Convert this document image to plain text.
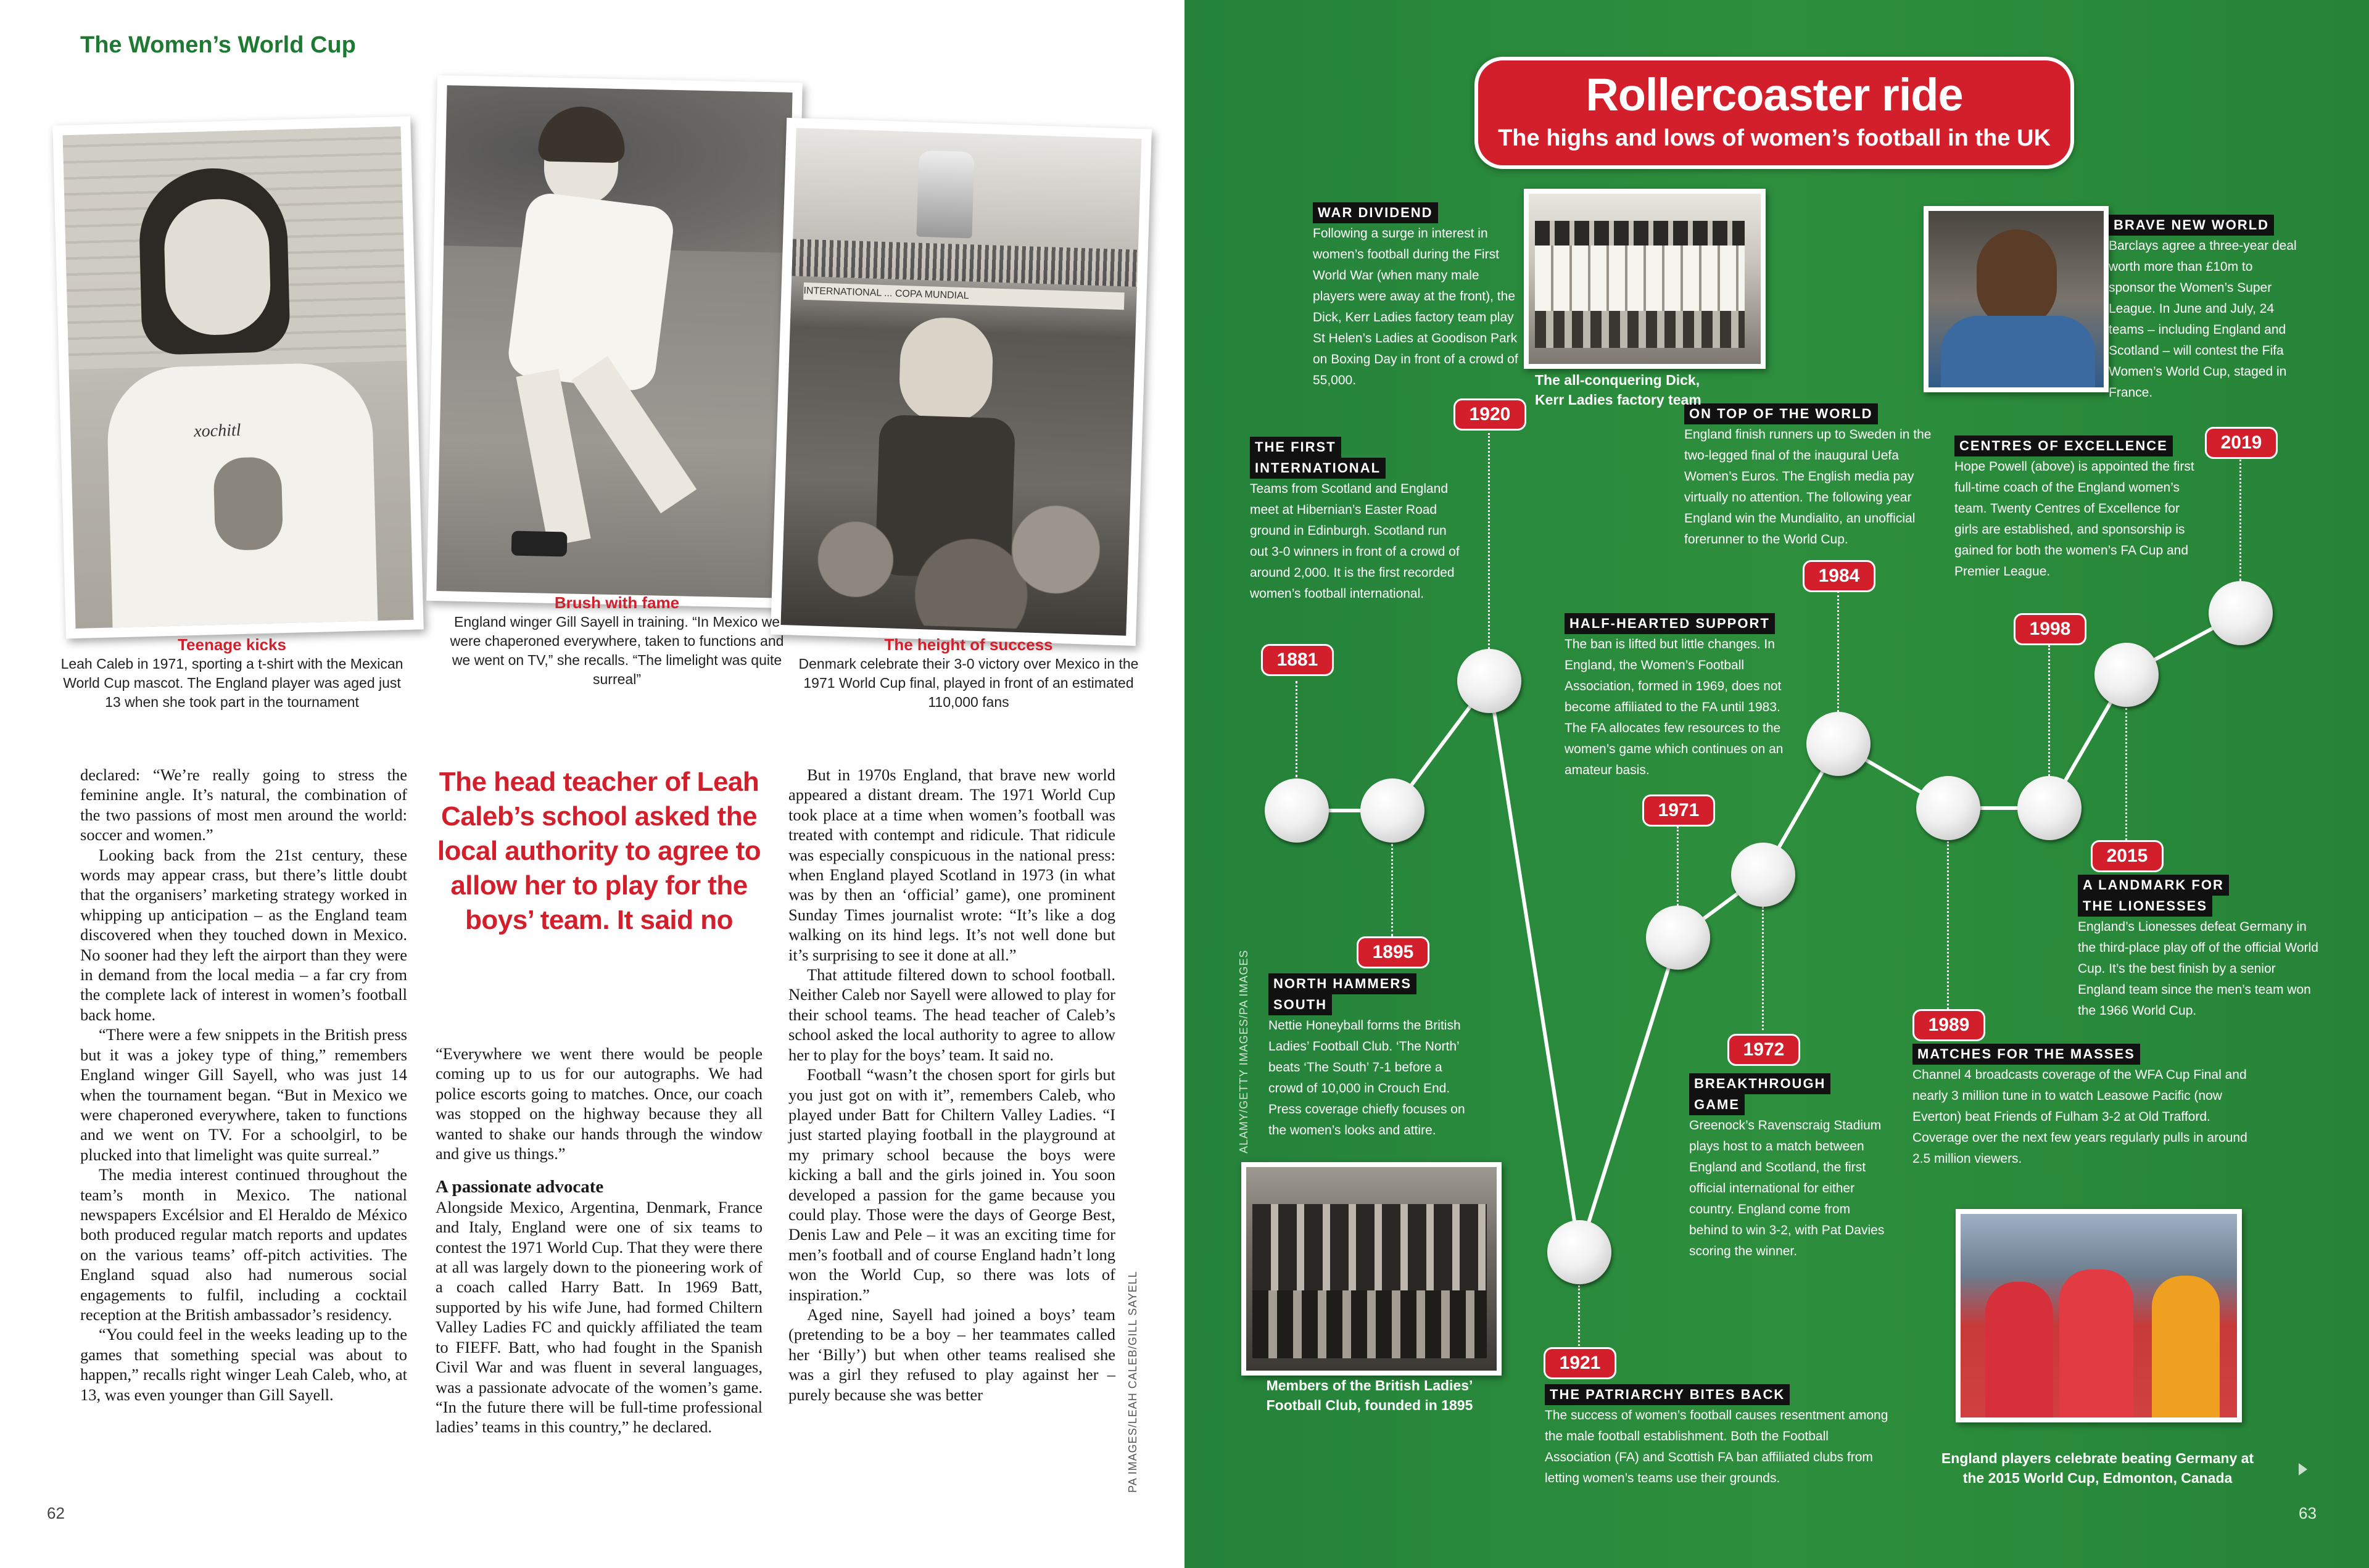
The Women’s World Cup
xochitl
INTERNATIONAL ... COPA MUNDIAL
Teenage kicks
Leah Caleb in 1971, sporting a t-shirt with the Mexican World Cup mascot. The England player was aged just 13 when she took part in the tournament
Brush with fame
England winger Gill Sayell in training. “In Mexico we were chaperoned everywhere, taken to functions and we went on TV,” she recalls. “The limelight was quite surreal”
The height of success
Denmark celebrate their 3-0 victory over Mexico in the 1971 World Cup final, played in front of an estimated 110,000 fans

declared: “We’re really going to stress the feminine angle. It’s natural, the combination of the two passions of most men around the world: soccer and women.”

Looking back from the 21st century, these words may appear crass, but there’s little doubt that the organisers’ marketing strategy worked in whipping up anticipation – as the England team discovered when they touched down in Mexico. No sooner had they left the airport than they were in demand from the local media – a far cry from the complete lack of interest in women’s football back home.

“There were a few snippets in the British press but it was a jokey type of thing,” remembers England winger Gill Sayell, who was just 14 when the tournament began. “But in Mexico we were chaperoned everywhere, taken to functions and we went on TV. For a schoolgirl, to be plucked into that limelight was quite surreal.”

The media interest continued throughout the team’s month in Mexico. The national newspapers Excélsior and El Heraldo de México both produced regular match reports and updates on the various teams’ off-pitch activities. The England squad also had numerous social engagements to fulfil, including a cocktail reception at the British ambassador’s residency.

“You could feel in the weeks leading up to the games that something special was about to happen,” recalls right winger Leah Caleb, who, at 13, was even younger than Gill Sayell.

The head teacher of Leah Caleb’s school asked the local authority to agree to allow her to play for the boys’ team. It said no

“Everywhere we went there would be people coming up to us for our autographs. We had police escorts going to matches. Once, our coach was stopped on the highway because they all wanted to shake our hands through the window and give us things.”

A passionate advocate

Alongside Mexico, Argentina, Denmark, France and Italy, England were one of six teams to contest the 1971 World Cup. That they were there at all was largely down to the pioneering work of a coach called Harry Batt. In 1969 Batt, supported by his wife June, had formed Chiltern Valley Ladies FC and quickly affiliated the team to FIEFF. Batt, who had fought in the Spanish Civil War and was fluent in several languages, was a passionate advocate of the women’s game. “In the future there will be full-time professional ladies’ teams in this country,” he declared.

But in 1970s England, that brave new world appeared a distant dream. The 1971 World Cup took place at a time when women’s football was treated with contempt and ridicule. That ridicule was especially conspicuous in the national press: when England played Scotland in 1973 (in what was by then an ‘official’ game), one prominent Sunday Times journalist wrote: “It’s like a dog walking on its hind legs. It’s not well done but it’s surprising to see it done at all.”

That attitude filtered down to school football. Neither Caleb nor Sayell were allowed to play for their school teams. The head teacher of Caleb’s school asked the local authority to agree to allow her to play for the boys’ team. It said no.

Football “wasn’t the chosen sport for girls but you just got on with it”, remembers Caleb, who played under Batt for Chiltern Valley Ladies. “I just started playing football in the playground at my primary school because the boys were kicking a ball and the girls joined in. You soon developed a passion for the game because you could play. Those were the days of George Best, Denis Law and Pele – it was an exciting time for men’s football and of course England hadn’t long won the World Cup, so there was lots of inspiration.”

Aged nine, Sayell had joined a boys’ team (pretending to be a boy – her teammates called her ‘Billy’) but when other teams realised she was a girl they refused to play against her – purely because she was better	PA IMAGES/LEAH CALEB/GILL SAYELL
62
Rollercoaster ride
The highs and lows of women’s football in the UK
1881
1895
1920
1921
1971
1972
1984
1989
1998
2015
2019
THE FIRST
INTERNATIONAL
Teams from Scotland and England meet at Hibernian’s Easter Road ground in Edinburgh. Scotland run out 3-0 winners in front of a crowd of around 2,000. It is the first recorded women’s football international.
NORTH HAMMERS
SOUTH
Nettie Honeyball forms the British Ladies’ Football Club. ‘The North’ beats ‘The South’ 7-1 before a crowd of 10,000 in Crouch End. Press coverage chiefly focuses on the women’s looks and attire.
WAR DIVIDEND
Following a surge in interest in women’s football during the First World War (when many male players were away at the front), the Dick, Kerr Ladies factory team play St Helen’s Ladies at Goodison Park on Boxing Day in front of a crowd of 55,000.
THE PATRIARCHY BITES BACK
The success of women’s football causes resentment among the male football establishment. Both the Football Association (FA) and Scottish FA ban affiliated clubs from letting women’s teams use their grounds.
HALF-HEARTED SUPPORT
The ban is lifted but little changes. In England, the Women’s Football Association, formed in 1969, does not become affiliated to the FA until 1983. The FA allocates few resources to the women’s game which continues on an amateur basis.
BREAKTHROUGH
GAME
Greenock’s Ravenscraig Stadium plays host to a match between England and Scotland, the first official international for either country. England come from behind to win 3-2, with Pat Davies scoring the winner.
ON TOP OF THE WORLD
England finish runners up to Sweden in the two-legged final of the inaugural Uefa Women’s Euros. The English media pay virtually no attention. The following year England win the Mundialito, an unofficial forerunner to the World Cup.
MATCHES FOR THE MASSES
Channel 4 broadcasts coverage of the WFA Cup Final and nearly 3 million tune in to watch Leasowe Pacific (now Everton) beat Friends of Fulham 3-2 at Old Trafford. Coverage over the next few years regularly pulls in around 2.5 million viewers.
CENTRES OF EXCELLENCE
Hope Powell (above) is appointed the first full-time coach of the England women’s team. Twenty Centres of Excellence for girls are established, and sponsorship is gained for both the women’s FA Cup and Premier League.
A LANDMARK FOR
THE LIONESSES
England’s Lionesses defeat Germany in the third-place play off of the official World Cup. It’s the best finish by a senior England team since the men’s team won the 1966 World Cup.
BRAVE NEW WORLD
Barclays agree a three-year deal worth more than £10m to sponsor the Women’s Super League. In June and July, 24 teams – including England and Scotland – will contest the Fifa Women’s World Cup, staged in France.
The all-conquering Dick, Kerr Ladies factory team
Members of the British Ladies’ Football Club, founded in 1895
England players celebrate beating Germany at the 2015 World Cup, Edmonton, Canada
ALAMY/GETTY IMAGES/PA IMAGES
63
